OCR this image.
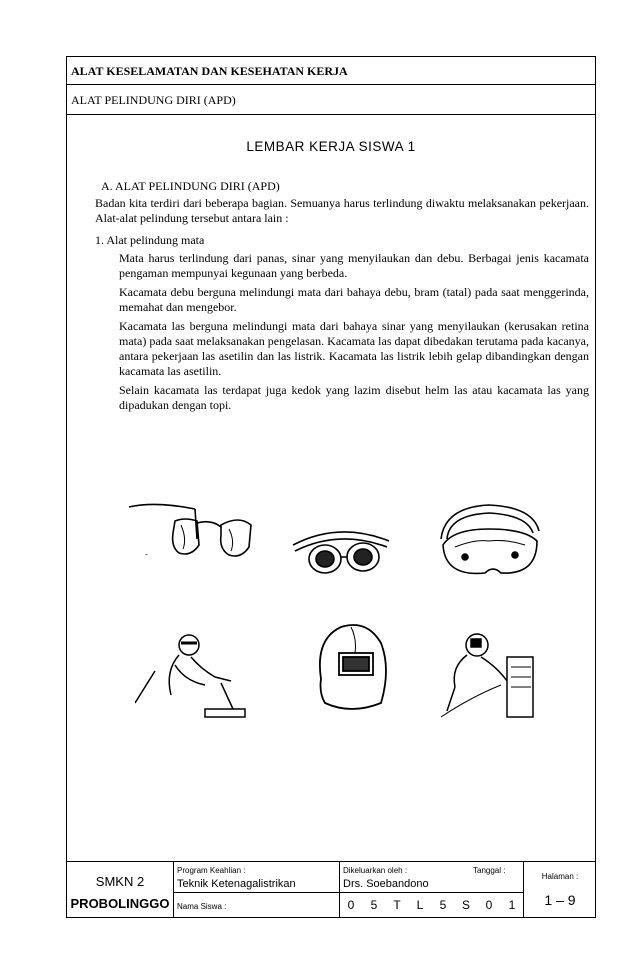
ALAT KESELAMATAN DAN KESEHATAN KERJA
ALAT PELINDUNG DIRI (APD)
LEMBAR KERJA SISWA 1

A. ALAT PELINDUNG DIRI (APD)

Badan kita terdiri dari beberapa bagian. Semuanya harus terlindung diwaktu melaksanakan pekerjaan. Alat-alat pelindung tersebut antara lain :

1. Alat pelindung mata

Mata harus terlindung dari panas, sinar yang menyilaukan dan debu. Berbagai jenis kacamata pengaman mempunyai kegunaan yang berbeda.

Kacamata debu berguna melindungi mata dari bahaya debu, bram (tatal) pada saat menggerinda, memahat dan mengebor.

Kacamata las berguna melindungi mata dari bahaya sinar yang menyilaukan (kerusakan retina mata) pada saat melaksanakan pengelasan. Kacamata las dapat dibedakan terutama pada kacanya, antara pekerjaan las asetilin dan las listrik. Kacamata las listrik lebih gelap dibandingkan dengan kacamata las asetilin.

Selain kacamata las terdapat juga kedok yang lazim disebut helm las atau kacamata las yang dipadukan dengan topi.

-
SMKN 2
PROBOLINGGO
Program Keahlian :
Teknik Ketenagalistrikan
Dikeluarkan oleh :
Drs. Soebandono
Tanggal :
Nama Siswa :	0	5	T	L	5	S	0	1
Halaman :
1 – 9
